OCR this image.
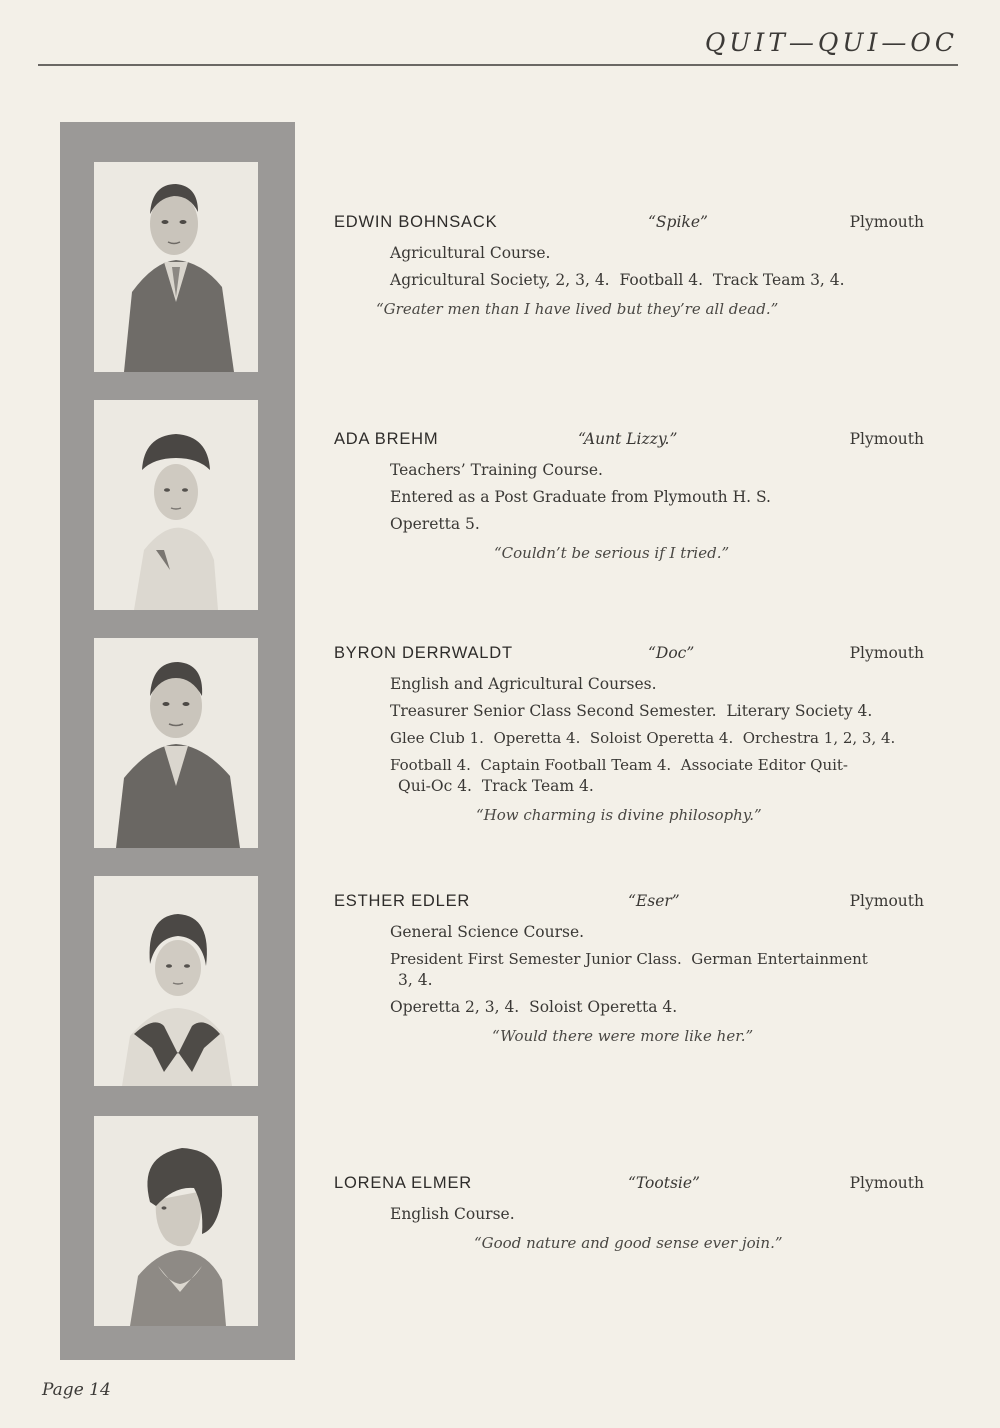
QUIT—QUI—OC
EDWIN BOHNSACK	“Spike”	Plymouth
Agricultural Course.
Agricultural Society, 2, 3, 4.  Football 4.  Track Team 3, 4.
“Greater men than I have lived but they’re all dead.”
ADA BREHM	“Aunt Lizzy.”	Plymouth
Teachers’ Training Course.
Entered as a Post Graduate from Plymouth H. S.
Operetta 5.
“Couldn’t be serious if I tried.”
BYRON DERRWALDT	“Doc”	Plymouth
English and Agricultural Courses.
Treasurer Senior Class Second Semester.  Literary Society 4.
Glee Club 1.  Operetta 4.  Soloist Operetta 4.  Orchestra 1, 2, 3, 4.
Football 4.  Captain Football Team 4.  Associate Editor Quit-
Qui-Oc 4.  Track Team 4.
“How charming is divine philosophy.”
ESTHER EDLER	“Eser”	Plymouth
General Science Course.
President First Semester Junior Class.  German Entertainment
3, 4.
Operetta 2, 3, 4.  Soloist Operetta 4.
“Would there were more like her.”
LORENA ELMER	“Tootsie”	Plymouth
English Course.
“Good nature and good sense ever join.”
Page 14
